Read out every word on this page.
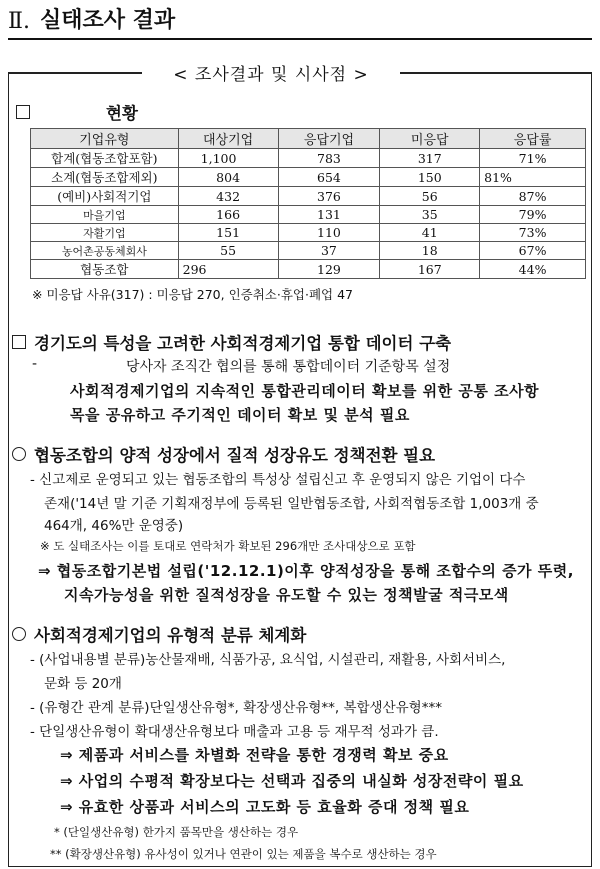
Ⅱ. 실태조사 결과
< 조사결과 및 시사점 >
현황
기업유형	대상기업	응답기업	미응답	응답률
합계(협동조합포함)	1,100	783	317	71%
소계(협동조합제외)	804	654	150	81%
(예비)사회적기업	432	376	56	87%
마을기업	166	131	35	79%
자활기업	151	110	41	73%
농어촌공동체회사	55	37	18	67%
협동조합	296	129	167	44%
※ 미응답 사유(317) : 미응답 270, 인증취소·휴업·폐업 47
경기도의 특성을 고려한 사회적경제기업 통합 데이터 구축
-	당사자 조직간 협의를 통해 통합데이터 기준항목 설정
사회적경제기업의 지속적인 통합관리데이터 확보를 위한 공통 조사항
목을 공유하고 주기적인 데이터 확보 및 분석 필요
협동조합의 양적 성장에서 질적 성장유도 정책전환 필요
- 신고제로 운영되고 있는 협동조합의 특성상 설립신고 후 운영되지 않은 기업이 다수
존재('14년 말 기준 기획재정부에 등록된 일반협동조합, 사회적협동조합 1,003개 중
464개, 46%만 운영중)
※ 도 실태조사는 이를 토대로 연락처가 확보된 296개만 조사대상으로 포함
⇒ 협동조합기본법 설립('12.12.1)이후 양적성장을 통해 조합수의 증가 뚜렷,
지속가능성을 위한 질적성장을 유도할 수 있는 정책발굴 적극모색
사회적경제기업의 유형적 분류 체계화
- (사업내용별 분류)농산물재배, 식품가공, 요식업, 시설관리, 재활용, 사회서비스,
문화 등 20개
- (유형간 관계 분류)단일생산유형*, 확장생산유형**, 복합생산유형***
- 단일생산유형이 확대생산유형보다 매출과 고용 등 재무적 성과가 큼.
⇒ 제품과 서비스를 차별화 전략을 통한 경쟁력 확보 중요
⇒ 사업의 수평적 확장보다는 선택과 집중의 내실화 성장전략이 필요
⇒ 유효한 상품과 서비스의 고도화 등 효율화 증대 정책 필요
* (단일생산유형) 한가지 품목만을 생산하는 경우
** (확장생산유형) 유사성이 있거나 연관이 있는 제품을 복수로 생산하는 경우
